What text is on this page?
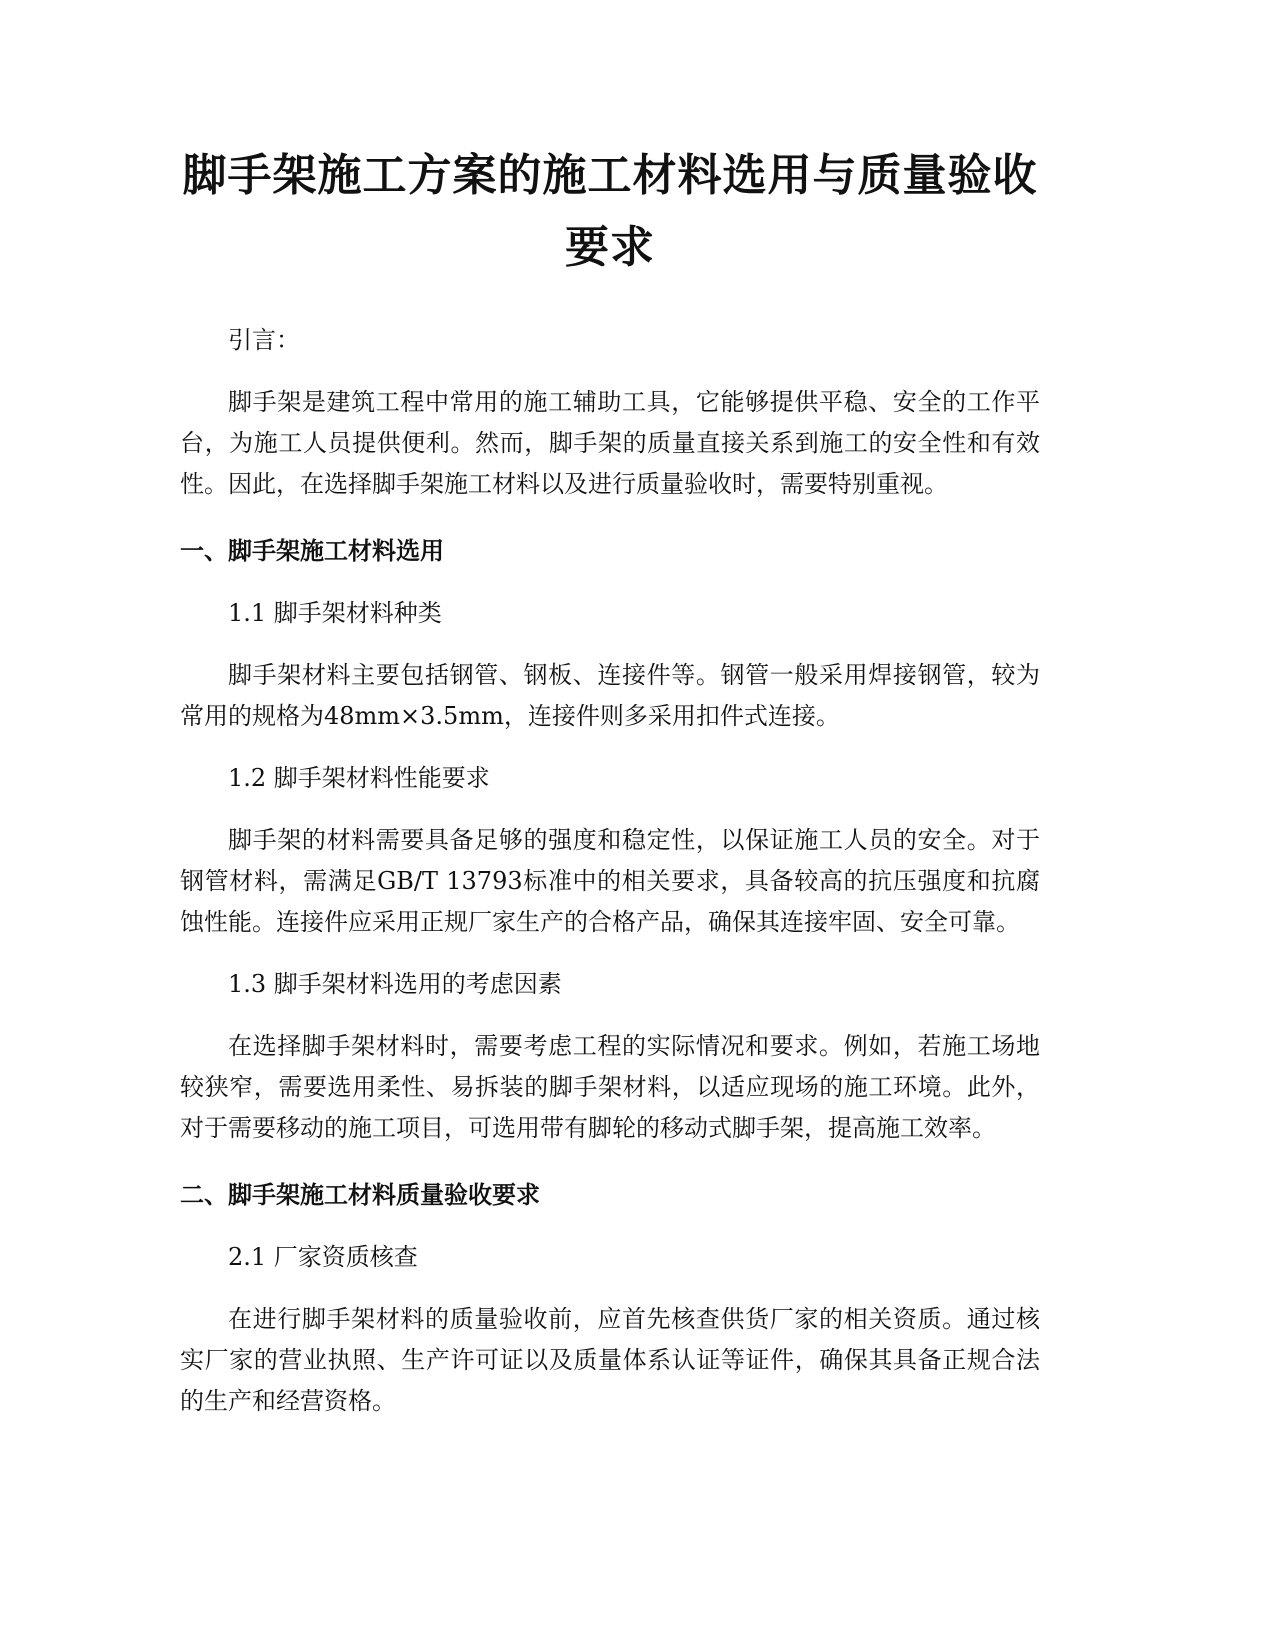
脚手架施工方案的施工材料选用与质量验收
要求

引言：

脚手架是建筑工程中常用的施工辅助工具，它能够提供平稳、安全的工作平台，为施工人员提供便利。然而，脚手架的质量直接关系到施工的安全性和有效性。因此，在选择脚手架施工材料以及进行质量验收时，需要特别重视。

一、脚手架施工材料选用

1.1 脚手架材料种类

脚手架材料主要包括钢管、钢板、连接件等。钢管一般采用焊接钢管，较为常用的规格为48mm×3.5mm，连接件则多采用扣件式连接。

1.2 脚手架材料性能要求

脚手架的材料需要具备足够的强度和稳定性，以保证施工人员的安全。对于钢管材料，需满足GB/T 13793标准中的相关要求，具备较高的抗压强度和抗腐蚀性能。连接件应采用正规厂家生产的合格产品，确保其连接牢固、安全可靠。

1.3 脚手架材料选用的考虑因素

在选择脚手架材料时，需要考虑工程的实际情况和要求。例如，若施工场地较狭窄，需要选用柔性、易拆装的脚手架材料，以适应现场的施工环境。此外，对于需要移动的施工项目，可选用带有脚轮的移动式脚手架，提高施工效率。

二、脚手架施工材料质量验收要求

2.1 厂家资质核查

在进行脚手架材料的质量验收前，应首先核查供货厂家的相关资质。通过核实厂家的营业执照、生产许可证以及质量体系认证等证件，确保其具备正规合法的生产和经营资格。
